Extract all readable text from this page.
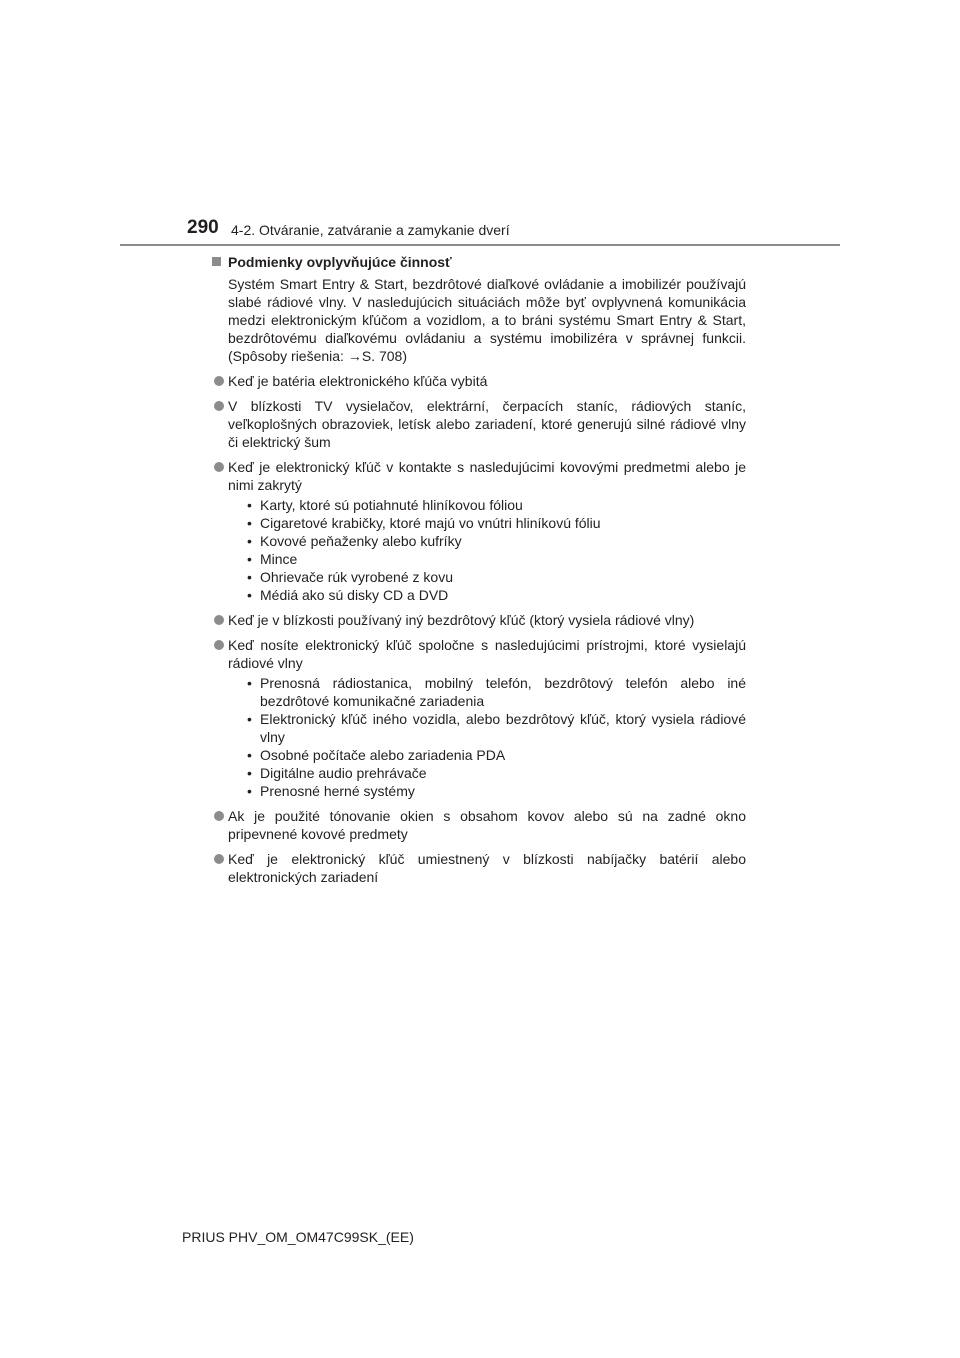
290 4-2. Otváranie, zatváranie a zamykanie dverí
Podmienky ovplyvňujúce činnosť
Systém Smart Entry & Start, bezdrôtové diaľkové ovládanie a imobilizér používajú slabé rádiové vlny. V nasledujúcich situáciách môže byť ovplyvnená komunikácia medzi elektronickým kľúčom a vozidlom, a to bráni systému Smart Entry & Start, bezdrôtovému diaľkovému ovládaniu a systému imobilizéra v správnej funkcii. (Spôsoby riešenia: →S. 708)
Keď je batéria elektronického kľúča vybitá
V blízkosti TV vysielačov, elektrární, čerpacích staníc, rádiových staníc, veľkoplošných obrazoviek, letísk alebo zariadení, ktoré generujú silné rádiové vlny či elektrický šum
Keď je elektronický kľúč v kontakte s nasledujúcimi kovovými predmetmi alebo je nimi zakrytý
• Karty, ktoré sú potiahnuté hliníkovou fóliou
• Cigaretové krabičky, ktoré majú vo vnútri hliníkovú fóliu
• Kovové peňaženky alebo kufríky
• Mince
• Ohrievače rúk vyrobené z kovu
• Médiá ako sú disky CD a DVD
Keď je v blízkosti používaný iný bezdrôtový kľúč (ktorý vysiela rádiové vlny)
Keď nosíte elektronický kľúč spoločne s nasledujúcimi prístrojmi, ktoré vysielajú rádiové vlny
• Prenosná rádiostanica, mobilný telefón, bezdrôtový telefón alebo iné bezdrôtové komunikačné zariadenia
• Elektronický kľúč iného vozidla, alebo bezdrôtový kľúč, ktorý vysiela rádiové vlny
• Osobné počítače alebo zariadenia PDA
• Digitálne audio prehrávače
• Prenosné herné systémy
Ak je použité tónovanie okien s obsahom kovov alebo sú na zadné okno pripevnené kovové predmety
Keď je elektronický kľúč umiestnený v blízkosti nabíjačky batérií alebo elektronických zariadení
PRIUS PHV_OM_OM47C99SK_(EE)
